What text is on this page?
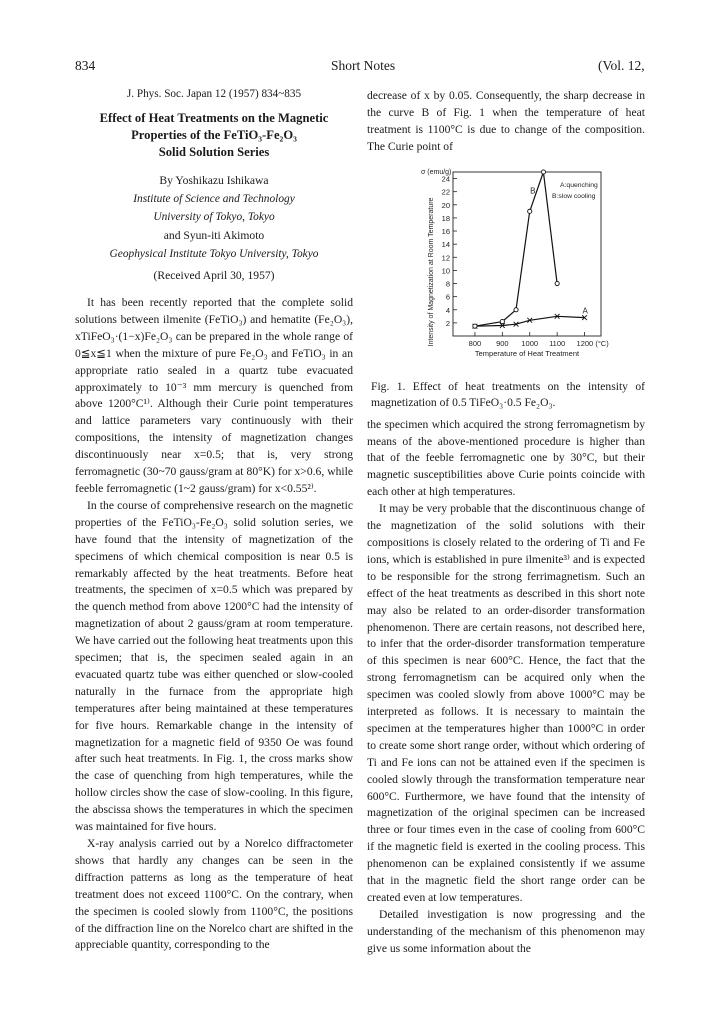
834	Short Notes	(Vol. 12,
J. Phys. Soc. Japan 12 (1957) 834~835
Effect of Heat Treatments on the Magnetic
Properties of the FeTiO₃-Fe₂O₃
Solid Solution Series
By Yoshikazu Ishikawa
Institute of Science and Technology
University of Tokyo, Tokyo
and Syun-iti Akimoto
Geophysical Institute Tokyo University, Tokyo
(Received April 30, 1957)

It has been recently reported that the complete solid solutions between ilmenite (FeTiO₃) and hematite (Fe₂O₃), xTiFeO₃·(1−x)Fe₂O₃ can be prepared in the whole range of 0≦x≦1 when the mixture of pure Fe₂O₃ and FeTiO₃ in an appropriate ratio sealed in a quartz tube evacuated approximately to 10⁻³ mm mercury is quenched from above 1200°C¹⁾. Although their Curie point temperatures and lattice parameters vary continuously with their compositions, the intensity of magnetization changes discontinuously near x=0.5; that is, very strong ferromagnetic (30~70 gauss/gram at 80°K) for x>0.6, while feeble ferromagnetic (1~2 gauss/gram) for x<0.55²⁾.

In the course of comprehensive research on the magnetic properties of the FeTiO₃-Fe₂O₃ solid solution series, we have found that the intensity of magnetization of the specimens of which chemical composition is near 0.5 is remarkably affected by the heat treatments. Before heat treatments, the specimen of x=0.5 which was prepared by the quench method from above 1200°C had the intensity of magnetization of about 2 gauss/gram at room temperature. We have carried out the following heat treatments upon this specimen; that is, the specimen sealed again in an evacuated quartz tube was either quenched or slow-cooled naturally in the furnace from the appropriate high temperatures after being maintained at these temperatures for five hours. Remarkable change in the intensity of magnetization for a magnetic field of 9350 Oe was found after such heat treatments. In Fig. 1, the cross marks show the case of quenching from high temperatures, while the hollow circles show the case of slow-cooling. In this figure, the abscissa shows the temperatures in which the specimen was maintained for five hours.

X-ray analysis carried out by a Norelco diffractometer shows that hardly any changes can be seen in the diffraction patterns as long as the temperature of heat treatment does not exceed 1100°C. On the contrary, when the specimen is cooled slowly from 1100°C, the positions of the diffraction line on the Norelco chart are shifted in the appreciable quantity, corresponding to the

decrease of x by 0.05. Consequently, the sharp decrease in the curve B of Fig. 1 when the temperature of heat treatment is 1100°C is due to change of the composition. The Curie point of

2
4
6
8
10
12
14
16
18
20
22
24
800 900 1000 1100 1200 (°C)
Temperature of Heat Treatment
Intensity of Magnetization at Room Temperature
σ (emu/g)
A
B
A:quenching
B:slow cooling
Fig. 1. Effect of heat treatments on the intensity of magnetization of 0.5 TiFeO₃·0.5 Fe₂O₃.

the specimen which acquired the strong ferromagnetism by means of the above-mentioned procedure is higher than that of the feeble ferromagnetic one by 30°C, but their magnetic susceptibilities above Curie points coincide with each other at high temperatures.

It may be very probable that the discontinuous change of the magnetization of the solid solutions with their compositions is closely related to the ordering of Ti and Fe ions, which is established in pure ilmenite³⁾ and is expected to be responsible for the strong ferrimagnetism. Such an effect of the heat treatments as described in this short note may also be related to an order-disorder transformation phenomenon. There are certain reasons, not described here, to infer that the order-disorder transformation temperature of this specimen is near 600°C. Hence, the fact that the strong ferromagnetism can be acquired only when the specimen was cooled slowly from above 1000°C may be interpreted as follows. It is necessary to maintain the specimen at the temperatures higher than 1000°C in order to create some short range order, without which ordering of Ti and Fe ions can not be attained even if the specimen is cooled slowly through the transformation temperature near 600°C. Furthermore, we have found that the intensity of magnetization of the original specimen can be increased three or four times even in the case of cooling from 600°C if the magnetic field is exerted in the cooling process. This phenomenon can be explained consistently if we assume that in the magnetic field the short range order can be created even at low temperatures.

Detailed investigation is now progressing and the understanding of the mechanism of this phenomenon may give us some information about the
